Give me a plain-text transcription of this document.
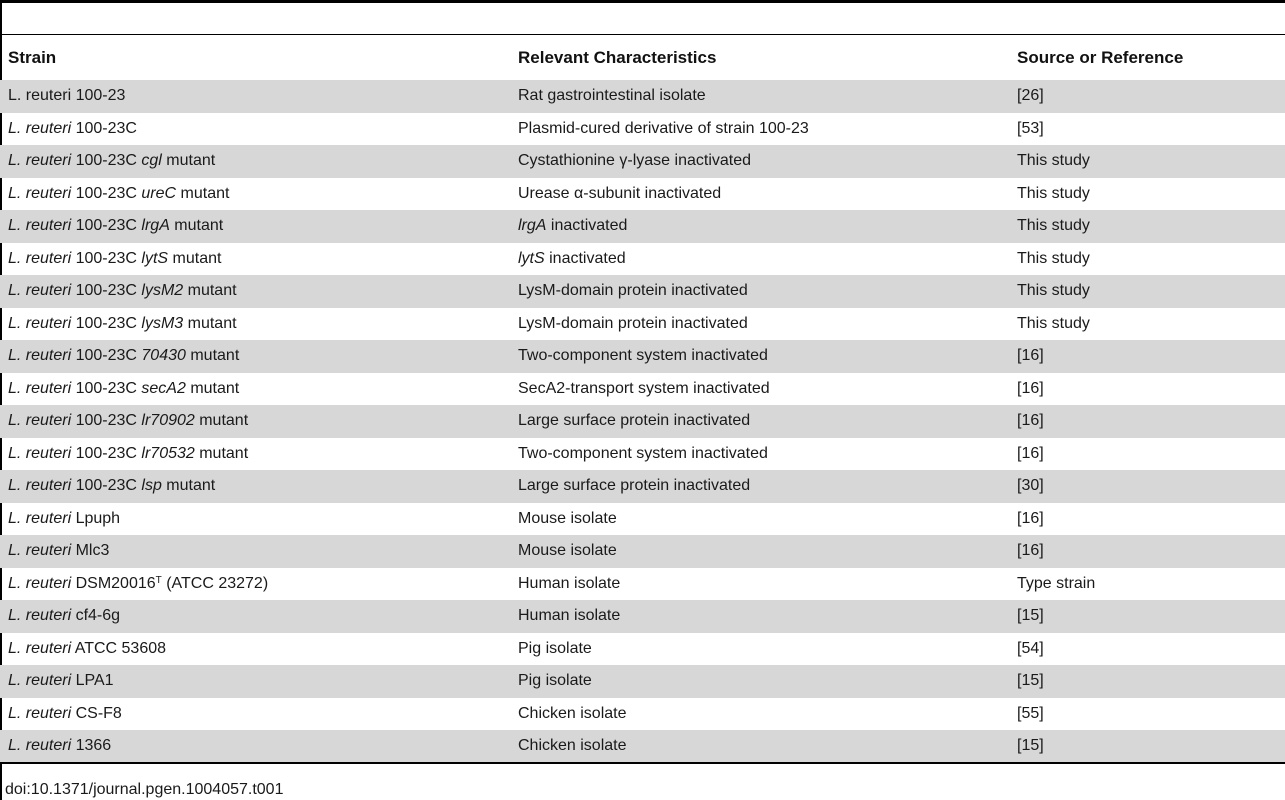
Strain	Relevant Characteristics	Source or Reference
L. reuteri 100-23	Rat gastrointestinal isolate	[26]
L. reuteri 100-23C	Plasmid-cured derivative of strain 100-23	[53]
L. reuteri 100-23C cgl mutant	Cystathionine γ-lyase inactivated	This study
L. reuteri 100-23C ureC mutant	Urease α-subunit inactivated	This study
L. reuteri 100-23C lrgA mutant	lrgA inactivated	This study
L. reuteri 100-23C lytS mutant	lytS inactivated	This study
L. reuteri 100-23C lysM2 mutant	LysM-domain protein inactivated	This study
L. reuteri 100-23C lysM3 mutant	LysM-domain protein inactivated	This study
L. reuteri 100-23C 70430 mutant	Two-component system inactivated	[16]
L. reuteri 100-23C secA2 mutant	SecA2-transport system inactivated	[16]
L. reuteri 100-23C lr70902 mutant	Large surface protein inactivated	[16]
L. reuteri 100-23C lr70532 mutant	Two-component system inactivated	[16]
L. reuteri 100-23C lsp mutant	Large surface protein inactivated	[30]
L. reuteri Lpuph	Mouse isolate	[16]
L. reuteri Mlc3	Mouse isolate	[16]
L. reuteri $DSM20016^T$ (ATCC 23272)	Human isolate	Type strain
L. reuteri cf4-6g	Human isolate	[15]
L. reuteri ATCC 53608	Pig isolate	[54]
L. reuteri LPA1	Pig isolate	[15]
L. reuteri CS-F8	Chicken isolate	[55]
L. reuteri 1366	Chicken isolate	[15]
doi:10.1371/journal.pgen.1004057.t001
